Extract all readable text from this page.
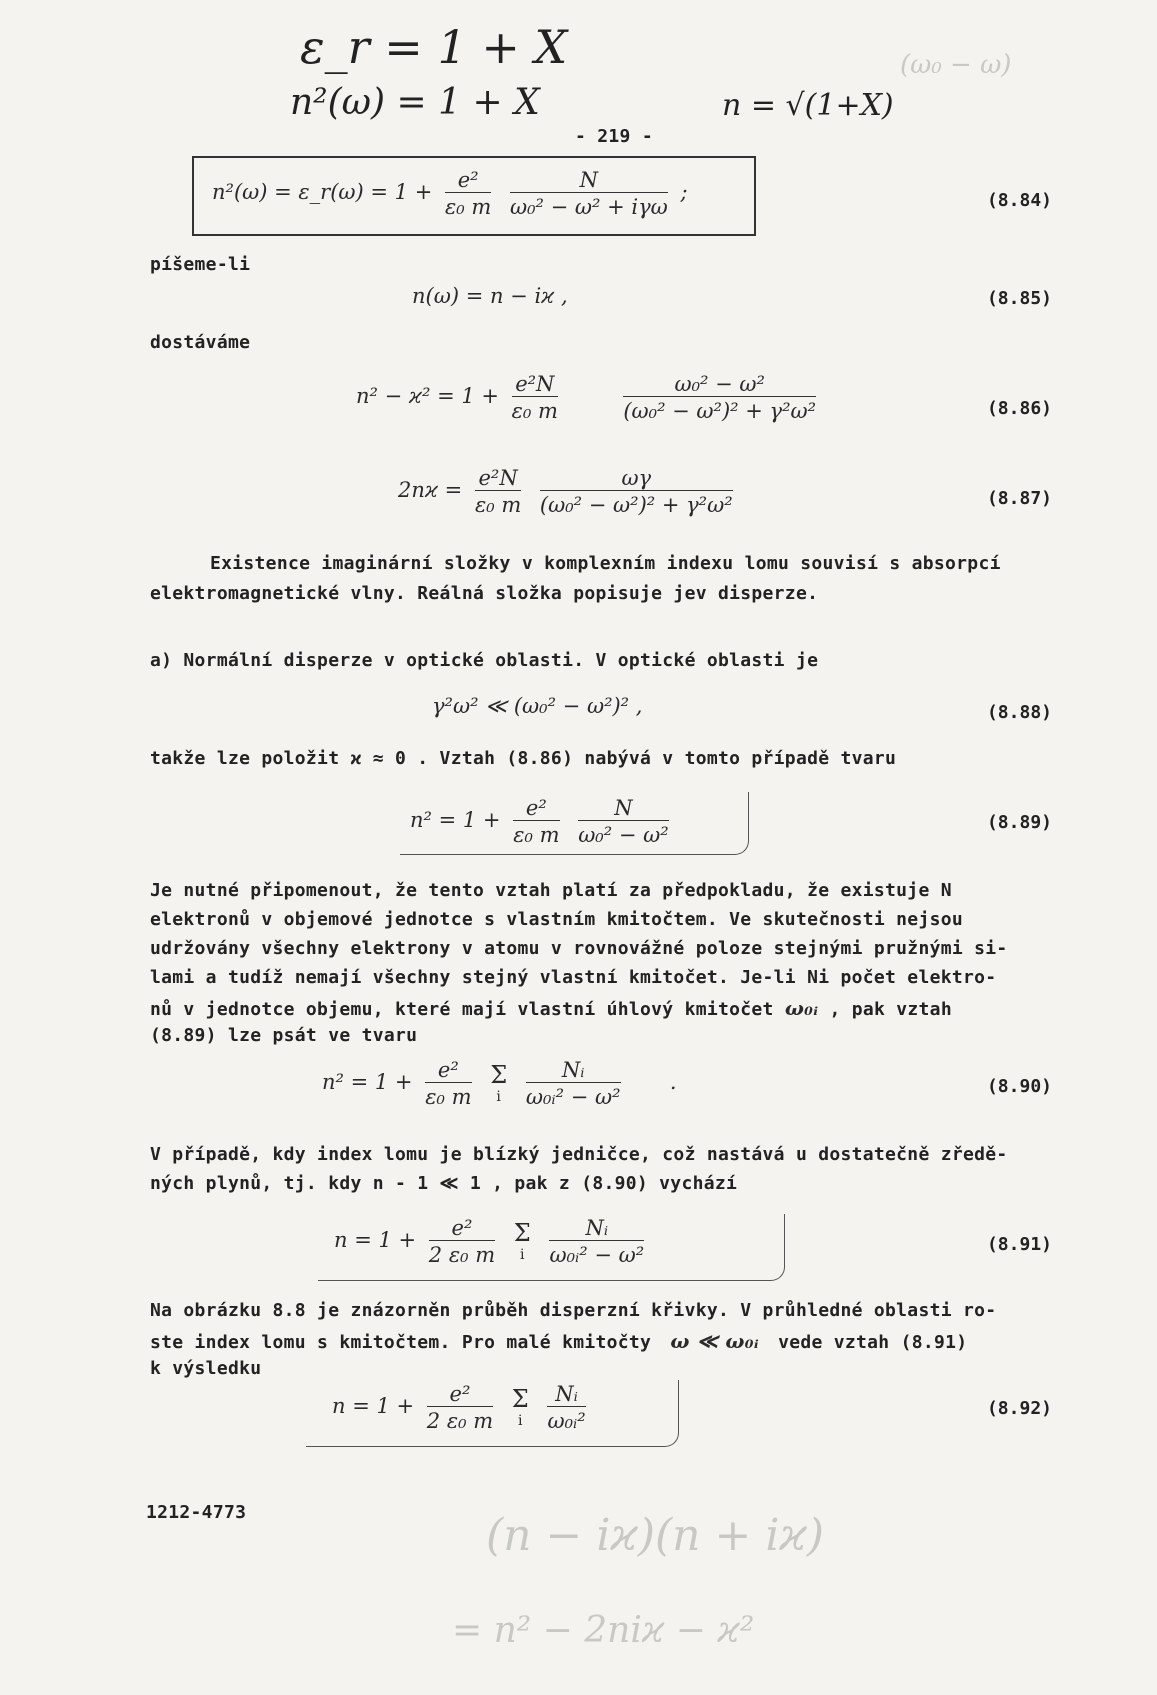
ε_r = 1 + X
n²(ω) = 1 + X	n = √(1+X)
(ω₀ − ω)
- 219 -
n²(ω) = ε_r(ω) = $1 + \frac{\text{e²}}{\text{ε₀ m}}$
$\frac{N}{\text{ω₀² − ω² + iγω}}$ ;	(8.84)
píšeme-li
n(ω) = n − iϰ ,	(8.85)
dostáváme
$n^2 - ϰ^2 = 1 + \frac{\text{e²N}}{\text{ε₀ m}}$
	$\frac{\text{ω₀² − ω²}}{\text{(ω₀² − ω²)² + γ²ω²}}$	(8.86)
$2nϰ = \frac{\text{e²N}}{\text{ε₀ m}}$
$\frac{\omega\gamma}{\text{(ω₀² − ω²)² + γ²ω²}}$	(8.87)
Existence imaginární složky v komplexním indexu lomu souvisí s absorpcí
elektromagnetické vlny. Reálná složka popisuje jev disperze.
a) Normální disperze v optické oblasti. V optické oblasti je
γ²ω² ≪ (ω₀² − ω²)² ,	(8.88)
takže lze položit ϰ ≈ 0 . Vztah (8.86) nabývá v tomto případě tvaru
$n^2 = 1 + \frac{\text{e²}}{\text{ε₀ m}}$
$\frac{N}{\text{ω₀² − ω²}}$	(8.89)
Je nutné připomenout, že tento vztah platí za předpokladu, že existuje N
elektronů v objemové jednotce s vlastním kmitočtem. Ve skutečnosti nejsou
udržovány všechny elektrony v atomu v rovnovážné poloze stejnými pružnými si-
lami a tudíž nemají všechny stejný vlastní kmitočet. Je-li Ni počet elektro-
nů v jednotce objemu, které mají vlastní úhlový kmitočet ω₀ᵢ , pak vztah
(8.89) lze psát ve tvaru
$n^2 = 1 + \frac{\text{e²}}{\text{ε₀ m}}$
Σ
i
$\frac{\text{Nᵢ}}{\text{ω₀ᵢ² − ω²}}$ .	(8.90)
V případě, kdy index lomu je blízký jedničce, což nastává u dostatečně zředě-
ných plynů, tj. kdy n - 1 ≪ 1 , pak z (8.90) vychází
$n = 1 + \frac{\text{e²}}{\text{2 ε₀ m}}$
Σ
i
$\frac{\text{Nᵢ}}{\text{ω₀ᵢ² − ω²}}$	(8.91)
Na obrázku 8.8 je znázorněn průběh disperzní křivky. V průhledné oblasti ro-
ste index lomu s kmitočtem. Pro malé kmitočty ω ≪ ω₀ᵢ vede vztah (8.91)
k výsledku
$n = 1 + \frac{\text{e²}}{\text{2 ε₀ m}}$
Σ
i
$\frac{\text{Nᵢ}}{\text{ω₀ᵢ²}}$	(8.92)
1212-4773	(n − iϰ)(n + iϰ)
= n² − 2niϰ − ϰ²
